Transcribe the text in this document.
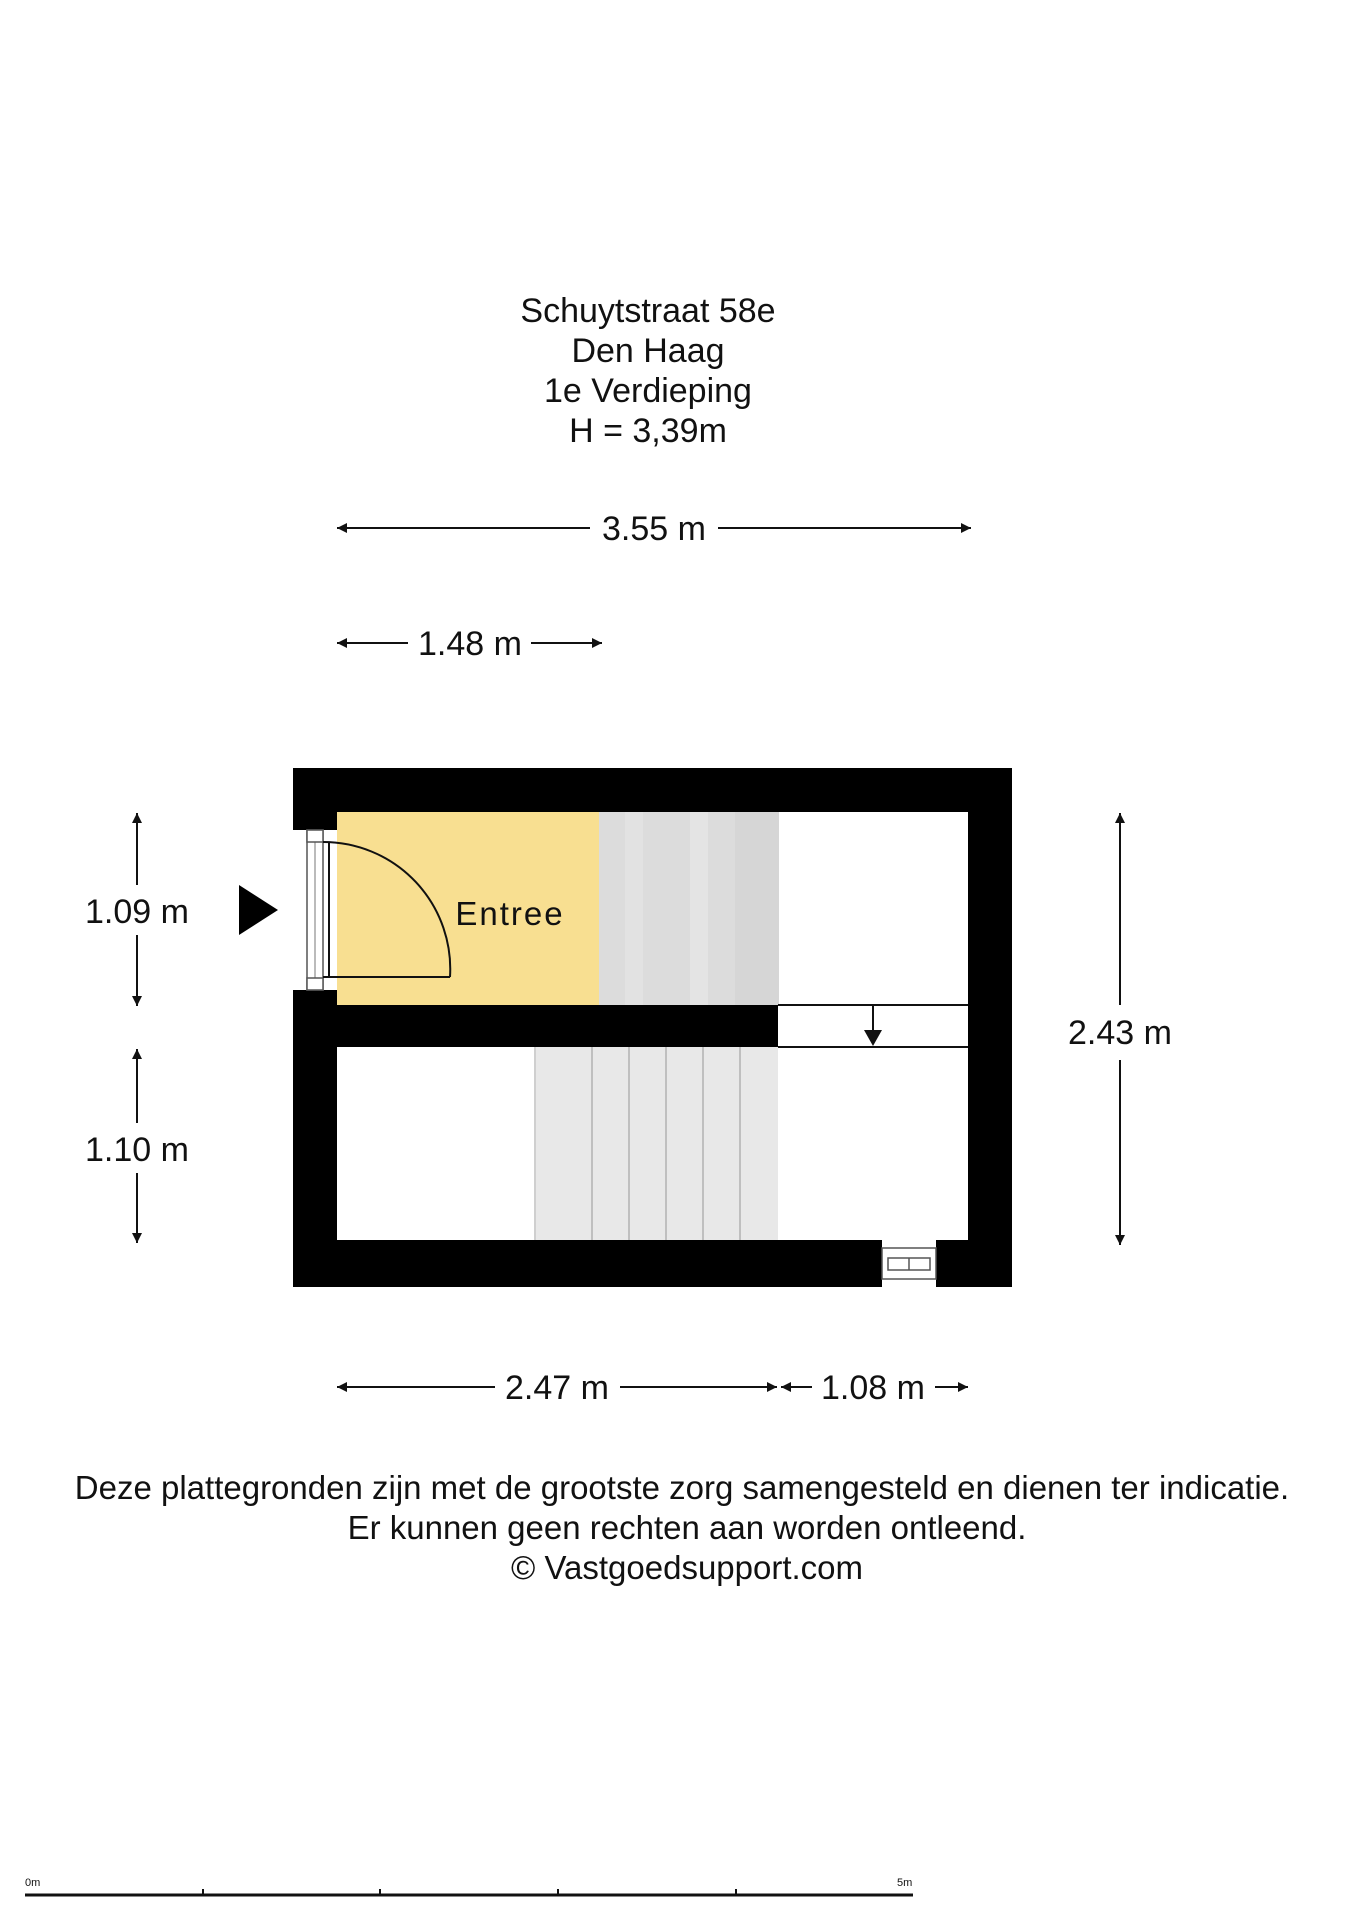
Schuytstraat 58e
Den Haag
1e Verdieping
H = 3,39m
3.55 m
1.48 m
Entree
1.09 m
1.10 m
2.43 m
2.47 m	1.08 m
Deze plattegronden zijn met de grootste zorg samengesteld en dienen ter indicatie.
Er kunnen geen rechten aan worden ontleend.
© Vastgoedsupport.com
0m	5m
